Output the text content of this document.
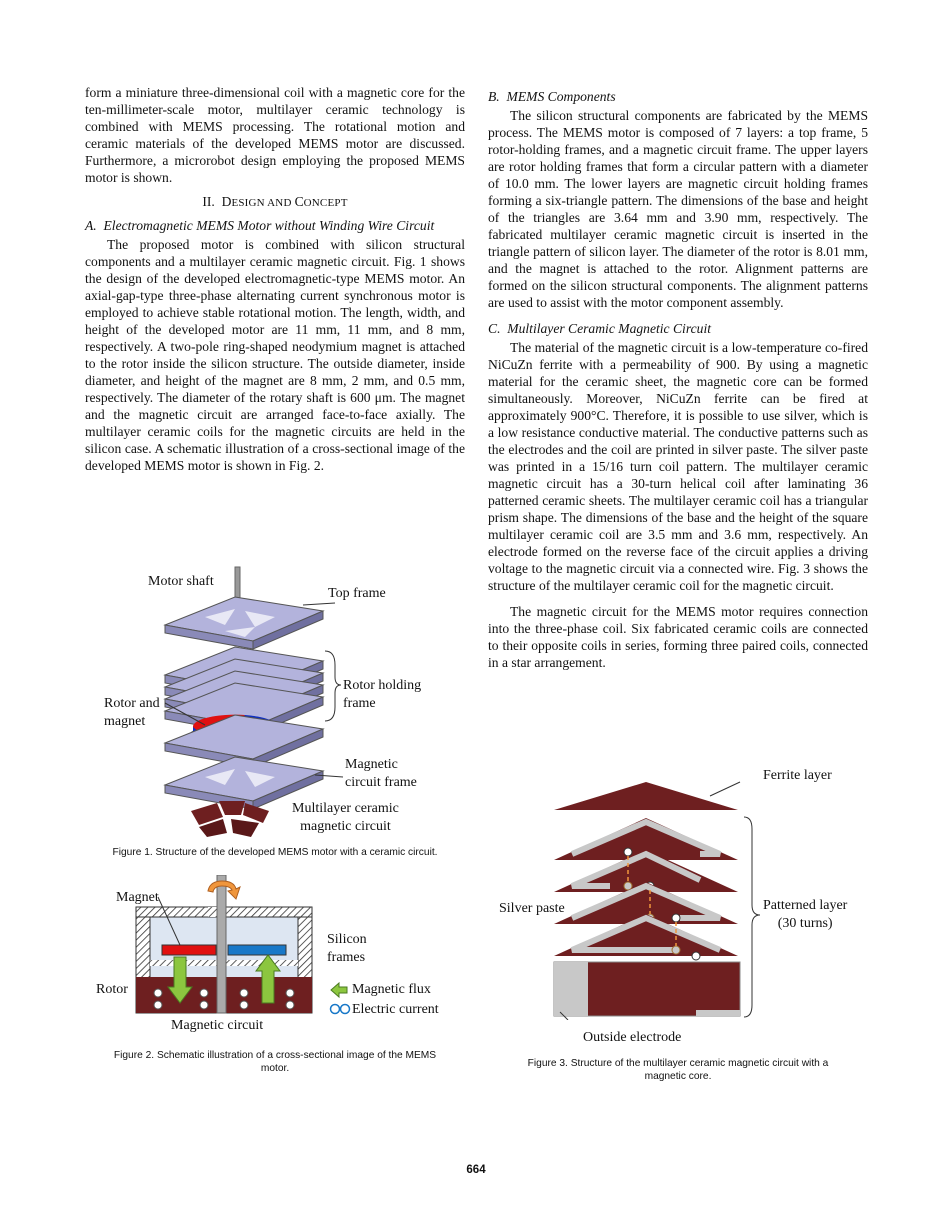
form a miniature three-dimensional coil with a magnetic core for the ten-millimeter-scale motor, multilayer ceramic technology is combined with MEMS processing. The rotational motion and ceramic materials of the developed MEMS motor are discussed. Furthermore, a microrobot design employing the proposed MEMS motor is shown.

II. DESIGN AND CONCEPT
A. Electromagnetic MEMS Motor without Winding Wire Circuit

The proposed motor is combined with silicon structural components and a multilayer ceramic magnetic circuit. Fig. 1 shows the design of the developed electromagnetic-type MEMS motor. An axial-gap-type three-phase alternating current synchronous motor is employed to achieve stable rotational motion. The length, width, and height of the developed motor are 11 mm, 11 mm, and 8 mm, respectively. A two-pole ring-shaped neodymium magnet is attached to the rotor inside the silicon structure. The outside diameter, inside diameter, and height of the magnet are 8 mm, 2 mm, and 0.5 mm, respectively. The diameter of the rotary shaft is 600 μm. The magnet and the magnetic circuit are arranged face-to-face axially. The multilayer ceramic coils for the magnetic circuits are held in the silicon case. A schematic illustration of a cross-sectional image of the developed MEMS motor is shown in Fig. 2.

Motor shaft
Top frame
Rotor holding
frame
Rotor and
magnet
Magnetic
circuit frame
Multilayer ceramic
magnetic circuit
Figure 1. Structure of the developed MEMS motor with a ceramic circuit.
Magnet
Silicon
frames
Rotor
Magnetic circuit
Magnetic flux
Electric current
Figure 2. Schematic illustration of a cross-sectional image of the MEMS
motor.
B. MEMS Components

The silicon structural components are fabricated by the MEMS process. The MEMS motor is composed of 7 layers: a top frame, 5 rotor-holding frames, and a magnetic circuit frame. The upper layers are rotor holding frames that form a circular pattern with a diameter of 10.0 mm. The lower layers are magnetic circuit holding frames forming a six-triangle pattern. The dimensions of the base and height of the triangles are 3.64 mm and 3.90 mm, respectively. The fabricated multilayer ceramic magnetic circuit is inserted in the triangle pattern of silicon layer. The diameter of the rotor is 8.01 mm, and the magnet is attached to the rotor. Alignment patterns are formed on the silicon structural components. The alignment patterns are used to assist with the motor component assembly.

C. Multilayer Ceramic Magnetic Circuit

The material of the magnetic circuit is a low-temperature co-fired NiCuZn ferrite with a permeability of 900. By using a magnetic material for the ceramic sheet, the magnetic core can be formed simultaneously. Moreover, NiCuZn ferrite can be fired at approximately 900°C. Therefore, it is possible to use silver, which is a low resistance conductive material. The conductive patterns such as the electrodes and the coil are printed in silver paste. The silver paste was printed in a 15/16 turn coil pattern. The multilayer ceramic magnetic circuit has a 30-turn helical coil after laminating 36 patterned ceramic sheets. The multilayer ceramic coil has a triangular prism shape. The dimensions of the base and the height of the square multilayer ceramic coil are 3.5 mm and 3.6 mm, respectively. An electrode formed on the reverse face of the circuit applies a driving voltage to the magnetic circuit via a connected wire. Fig. 3 shows the structure of the multilayer ceramic coil for the magnetic circuit.

The magnetic circuit for the MEMS motor requires connection into the three-phase coil. Six fabricated ceramic coils are connected to their opposite coils in series, forming three paired coils, connected in a star arrangement.

Ferrite layer
Silver paste	Patterned layer
(30 turns)
Outside electrode
Figure 3. Structure of the multilayer ceramic magnetic circuit with a
magnetic core.
664
